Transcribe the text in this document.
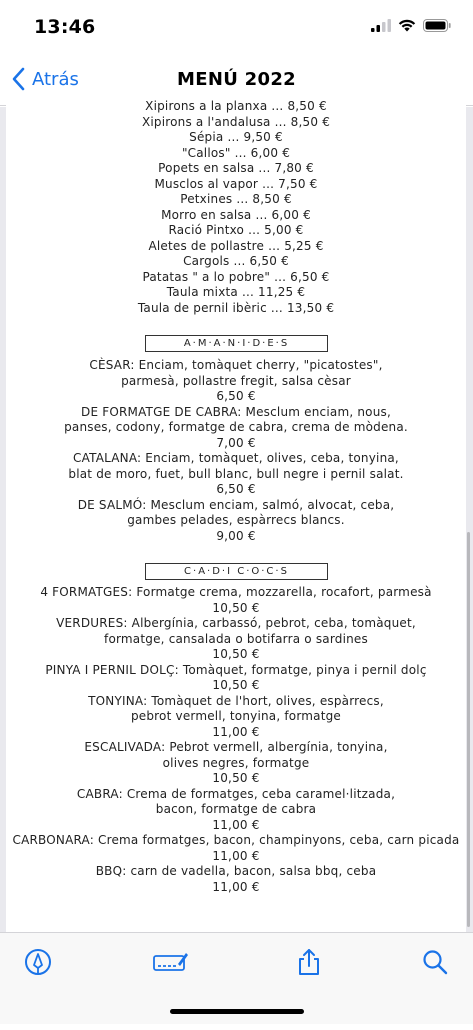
13:46
Atrás	MENÚ 2022
Xipirons a la planxa ... 8,50 €
Xipirons a l'andalusa ... 8,50 €
Sépia ... 9,50 €
"Callos" ... 6,00 €
Popets en salsa ... 7,80 €
Musclos al vapor ... 7,50 €
Petxines ... 8,50 €
Morro en salsa ... 6,00 €
Ració Pintxo ... 5,00 €
Aletes de pollastre ... 5,25 €
Cargols ... 6,50 €
Patatas " a lo pobre" ... 6,50 €
Taula mixta ... 11,25 €
Taula de pernil ibèric ... 13,50 €
A·M·A·N·I·D·E·S
CÈSAR: Enciam, tomàquet cherry, "picatostes",
parmesà, pollastre fregit, salsa cèsar
6,50 €
DE FORMATGE DE CABRA: Mesclum enciam, nous,
panses, codony, formatge de cabra, crema de mòdena.
7,00 €
CATALANA: Enciam, tomàquet, olives, ceba, tonyina,
blat de moro, fuet, bull blanc, bull negre i pernil salat.
6,50 €
DE SALMÓ: Mesclum enciam, salmó, alvocat, ceba,
gambes pelades, espàrrecs blancs.
9,00 €
C·A·D·I C·O·C·S
4 FORMATGES: Formatge crema, mozzarella, rocafort, parmesà
10,50 €
VERDURES: Albergínia, carbassó, pebrot, ceba, tomàquet,
formatge, cansalada o botifarra o sardines
10,50 €
PINYA I PERNIL DOLÇ: Tomàquet, formatge, pinya i pernil dolç
10,50 €
TONYINA: Tomàquet de l'hort, olives, espàrrecs,
pebrot vermell, tonyina, formatge
11,00 €
ESCALIVADA: Pebrot vermell, albergínia, tonyina,
olives negres, formatge
10,50 €
CABRA: Crema de formatges, ceba caramel·litzada,
bacon, formatge de cabra
11,00 €
CARBONARA: Crema formatges, bacon, champinyons, ceba, carn picada
11,00 €
BBQ: carn de vadella, bacon, salsa bbq, ceba
11,00 €
